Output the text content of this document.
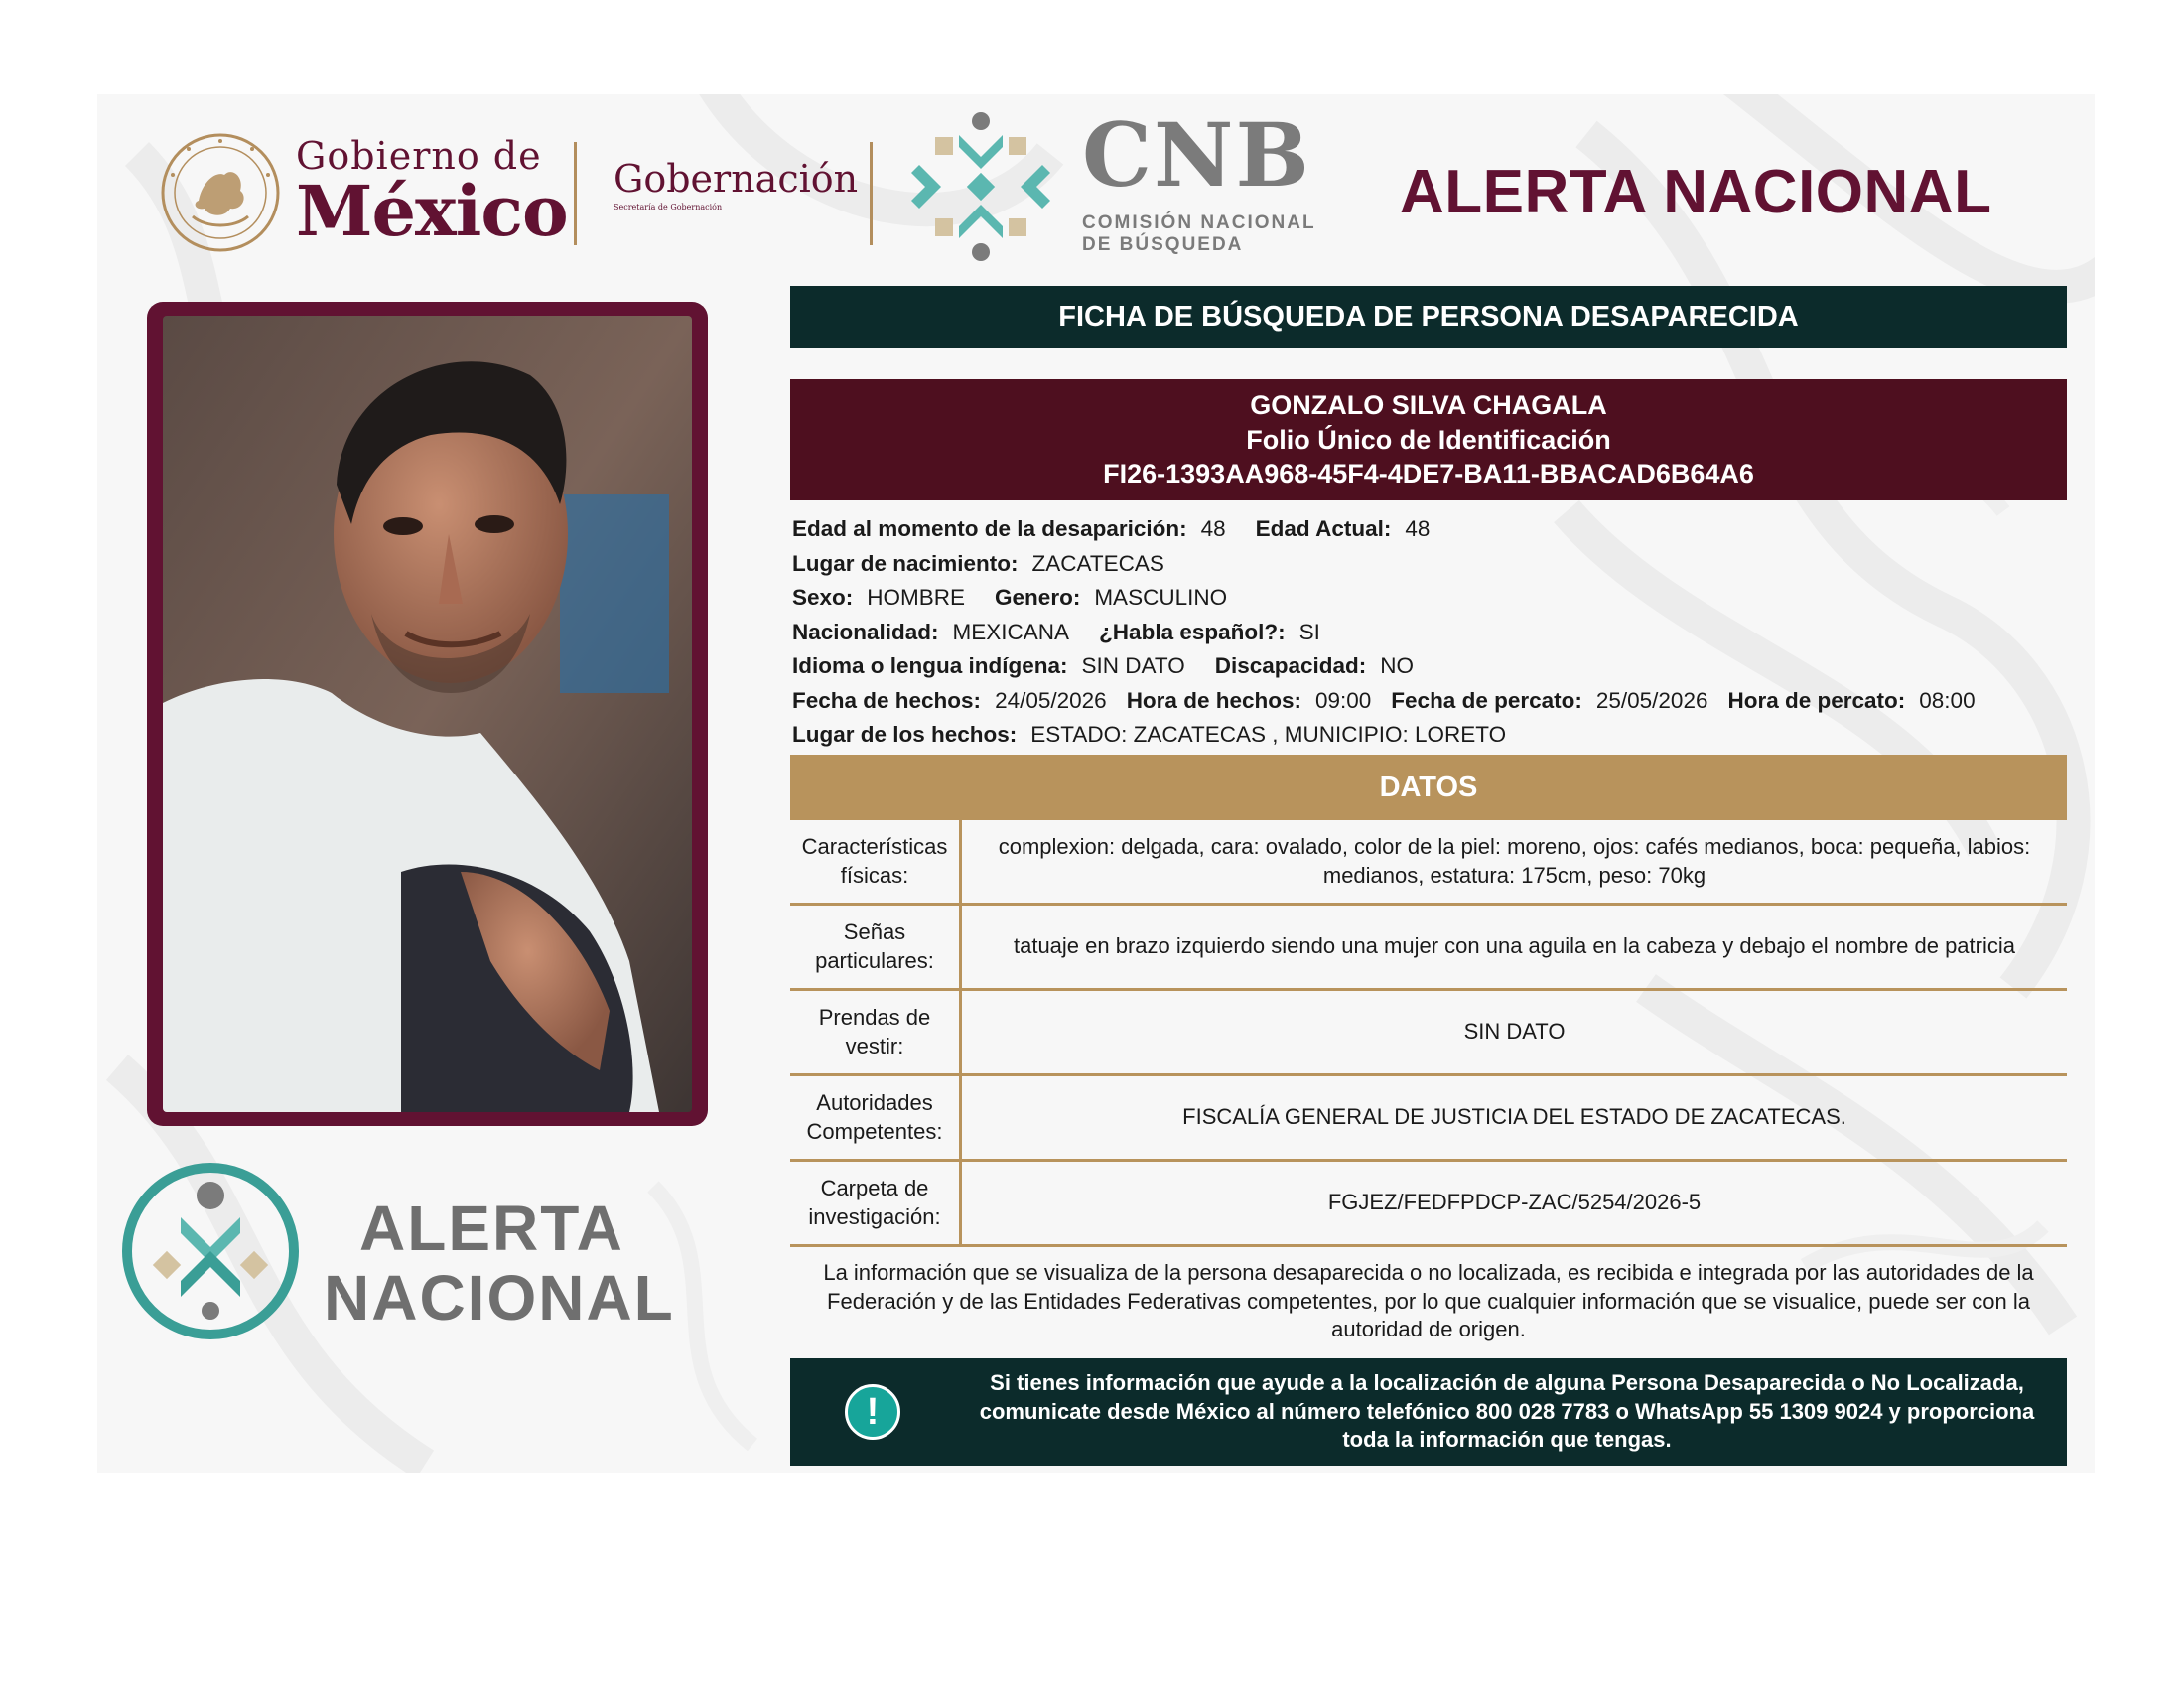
Gobierno de
México Gobernación
Secretaría de Gobernación
CNB
COMISIÓN NACIONAL
DE BÚSQUEDA
ALERTA NACIONAL
ALERTA
NACIONAL
FICHA DE BÚSQUEDA DE PERSONA DESAPARECIDA
GONZALO SILVA CHAGALA
Folio Único de Identificación
FI26-1393AA968-45F4-4DE7-BA11-BBACAD6B64A6
Edad al momento de la desaparición: 48 Edad Actual: 48
Lugar de nacimiento: ZACATECAS
Sexo: HOMBRE Genero: MASCULINO
Nacionalidad: MEXICANA ¿Habla español?: SI
Idioma o lengua indígena: SIN DATO Discapacidad: NO
Fecha de hechos: 24/05/2026 Hora de hechos: 09:00 Fecha de percato: 25/05/2026 Hora de percato: 08:00
Lugar de los hechos: ESTADO: ZACATECAS , MUNICIPIO: LORETO
DATOS
Características físicas:
complexion: delgada, cara: ovalado, color de la piel: moreno, ojos: cafés medianos, boca: pequeña, labios: medianos, estatura: 175cm, peso: 70kg
Señas particulares:
tatuaje en brazo izquierdo siendo una mujer con una aguila en la cabeza y debajo el nombre de patricia
Prendas de vestir:
SIN DATO
Autoridades Competentes:
FISCALÍA GENERAL DE JUSTICIA DEL ESTADO DE ZACATECAS.
Carpeta de investigación:
FGJEZ/FEDFPDCP-ZAC/5254/2026-5
La información que se visualiza de la persona desaparecida o no localizada, es recibida e integrada por las autoridades de la Federación y de las Entidades Federativas competentes, por lo que cualquier información que se visualice, puede ser con la autoridad de origen.
!
Si tienes información que ayude a la localización de alguna Persona Desaparecida o No Localizada, comunicate desde México al número telefónico 800 028 7783 o WhatsApp 55 1309 9024 y proporciona toda la información que tengas.
